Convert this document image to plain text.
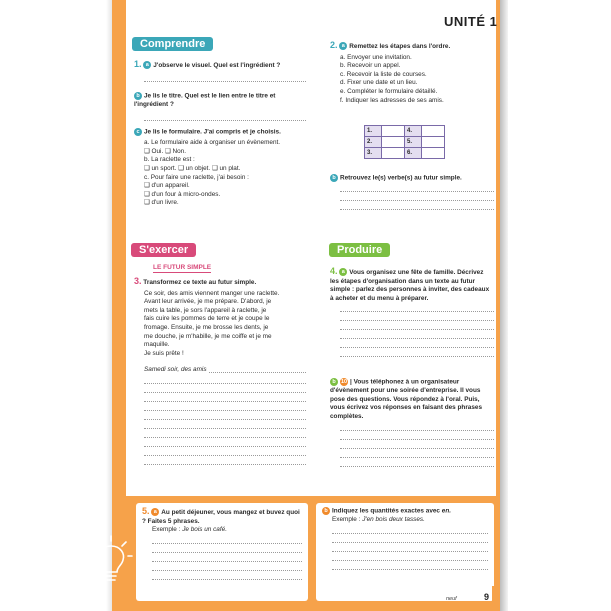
UNITÉ 1
Comprendre
1. a J'observe le visuel. Quel est l'ingrédient ?
b Je lis le titre. Quel est le lien entre le titre et l'ingrédient ?
c Je lis le formulaire. J'ai compris et je choisis.
a. Le formulaire aide à organiser un évènement.
❑ Oui. ❑ Non.
b. La raclette est :
❑ un sport. ❑ un objet. ❑ un plat.
c. Pour faire une raclette, j'ai besoin :
❑ d'un appareil.
❑ d'un four à micro-ondes.
❑ d'un livre.
2. a Remettez les étapes dans l'ordre.
a. Envoyer une invitation.
b. Recevoir un appel.
c. Recevoir la liste de courses.
d. Fixer une date et un lieu.
e. Compléter le formulaire détaillé.
f. Indiquer les adresses de ses amis.
1.		4.	
2.		5.	
3.		6.	
b Retrouvez le(s) verbe(s) au futur simple.
S'exercer
LE FUTUR SIMPLE
3. Transformez ce texte au futur simple.
Ce soir, des amis viennent manger une raclette.
Avant leur arrivée, je me prépare. D'abord, je
mets la table, je sors l'appareil à raclette, je
fais cuire les pommes de terre et je coupe le
fromage. Ensuite, je me brosse les dents, je
me douche, je m'habille, je me coiffe et je me
maquille.
Je suis prête !
Samedi soir, des amis
Produire
4. a Vous organisez une fête de famille. Décrivez les étapes d'organisation dans un texte au futur simple : parlez des personnes à inviter, des cadeaux à acheter et du menu à préparer.
b 10 | Vous téléphonez à un organisateur d'évènement pour une soirée d'entreprise. Il vous pose des questions. Vous répondez à l'oral. Puis, vous écrivez vos réponses en faisant des phrases complètes.
Mémoriser
5. a Au petit déjeuner, vous mangez et buvez quoi ? Faites 5 phrases.
Exemple : Je bois un café.
b Indiquez les quantités exactes avec en.
Exemple : J'en bois deux tasses.
neuf	9
